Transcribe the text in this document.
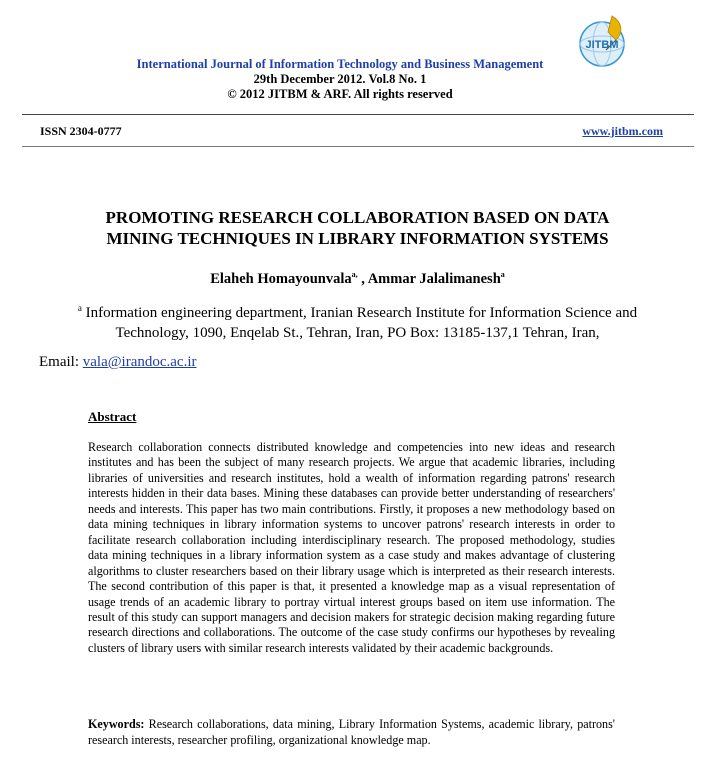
International Journal of Information Technology and Business Management
29th December 2012. Vol.8 No. 1
© 2012 JITBM & ARF. All rights reserved
JITBM
ISSN 2304-0777	www.jitbm.com
PROMOTING RESEARCH COLLABORATION BASED ON DATA
MINING TECHNIQUES IN LIBRARY INFORMATION SYSTEMS
Elaheh Homayounvala$^{a,}$ , Ammar Jalalimanesh$^a$
$^a$ Information engineering department, Iranian Research Institute for Information Science and
Technology, 1090, Enqelab St., Tehran, Iran, PO Box: 13185-137,1 Tehran, Iran,
Email: vala@irandoc.ac.ir
Abstract
Research collaboration connects distributed knowledge and competencies into new ideas and research institutes and has been the subject of many research projects. We argue that academic libraries, including libraries of universities and research institutes, hold a wealth of information regarding patrons' research interests hidden in their data bases. Mining these databases can provide better understanding of researchers' needs and interests. This paper has two main contributions. Firstly, it proposes a new methodology based on data mining techniques in library information systems to uncover patrons' research interests in order to facilitate research collaboration including interdisciplinary research. The proposed methodology, studies data mining techniques in a library information system as a case study and makes advantage of clustering algorithms to cluster researchers based on their library usage which is interpreted as their research interests. The second contribution of this paper is that, it presented a knowledge map as a visual representation of usage trends of an academic library to portray virtual interest groups based on item use information. The result of this study can support managers and decision makers for strategic decision making regarding future research directions and collaborations. The outcome of the case study confirms our hypotheses by revealing clusters of library users with similar research interests validated by their academic backgrounds.
Keywords: Research collaborations, data mining, Library Information Systems, academic library, patrons' research interests, researcher profiling, organizational knowledge map.
